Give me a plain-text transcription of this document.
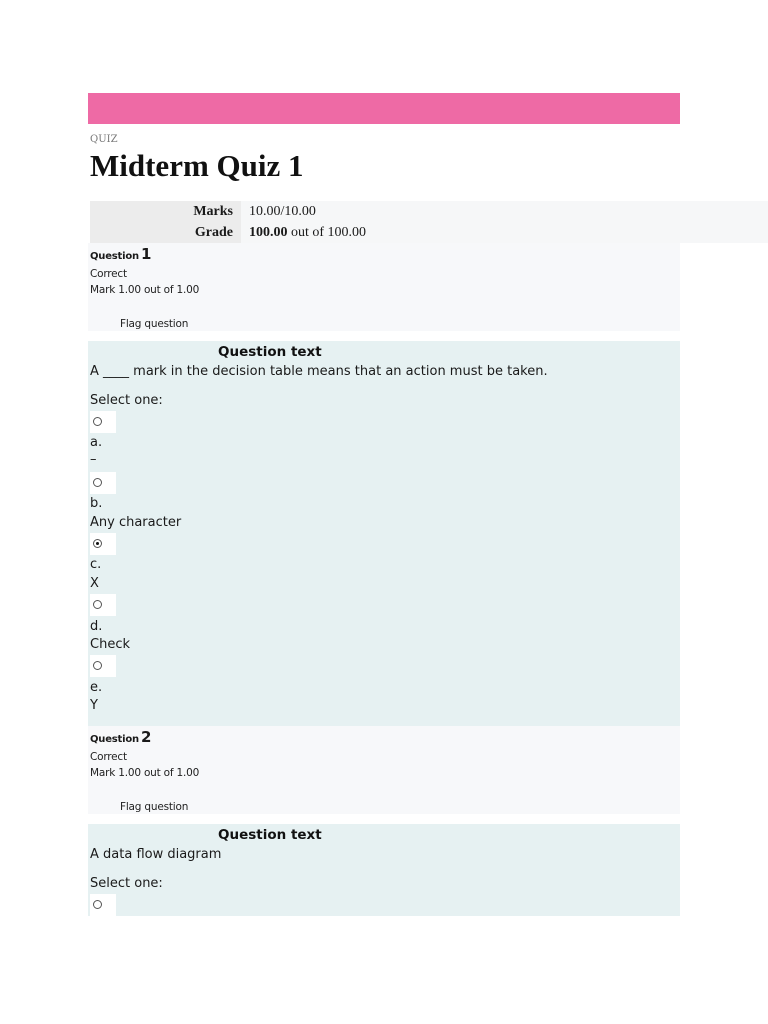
QUIZ
Midterm Quiz 1
Marks 10.00/10.00
Grade 100.00 out of 100.00
Question 1
Correct
Mark 1.00 out of 1.00
Flag question
Question text
A ____ mark in the decision table means that an action must be taken.
Select one:
a.
–
b.
Any character
c.
X
d.
Check
e.
Y
Question 2
Correct
Mark 1.00 out of 1.00
Flag question
Question text
A data flow diagram
Select one:
